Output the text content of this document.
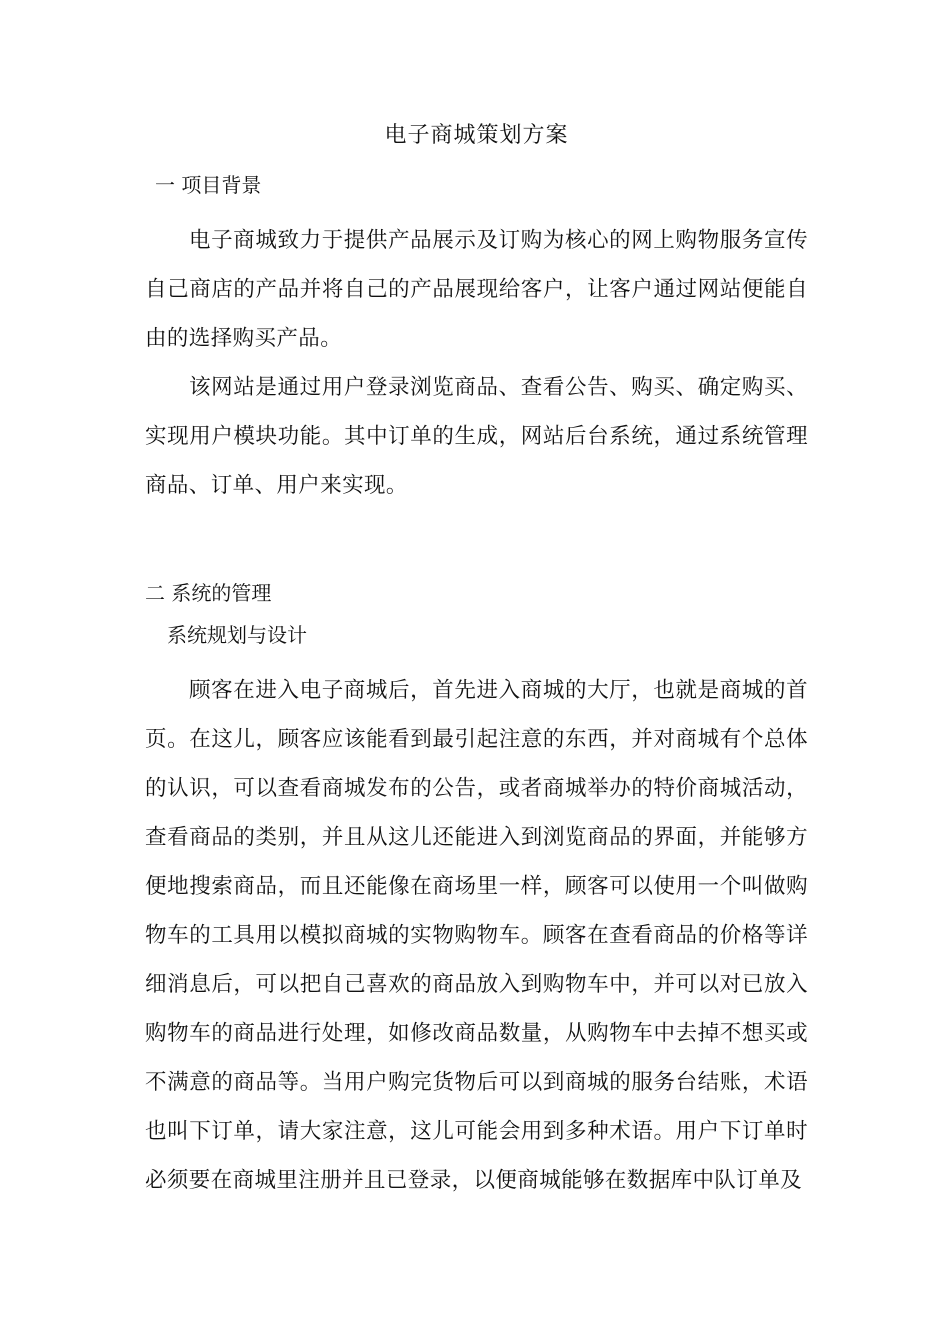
电子商城策划方案
一 项目背景

电子商城致力于提供产品展示及订购为核心的网上购物服务宣传自己商店的产品并将自己的产品展现给客户，让客户通过网站便能自由的选择购买产品。

该网站是通过用户登录浏览商品、查看公告、购买、确定购买、实现用户模块功能。其中订单的生成，网站后台系统，通过系统管理商品、订单、用户来实现。

二 系统的管理
系统规划与设计

顾客在进入电子商城后，首先进入商城的大厅，也就是商城的首页。在这儿，顾客应该能看到最引起注意的东西，并对商城有个总体的认识，可以查看商城发布的公告，或者商城举办的特价商城活动，查看商品的类别，并且从这儿还能进入到浏览商品的界面，并能够方便地搜索商品，而且还能像在商场里一样，顾客可以使用一个叫做购物车的工具用以模拟商城的实物购物车。顾客在查看商品的价格等详细消息后，可以把自己喜欢的商品放入到购物车中，并可以对已放入购物车的商品进行处理，如修改商品数量，从购物车中去掉不想买或不满意的商品等。当用户购完货物后可以到商城的服务台结账，术语也叫下订单，请大家注意，这儿可能会用到多种术语。用户下订单时必须要在商城里注册并且已登录，以便商城能够在数据库中队订单及
